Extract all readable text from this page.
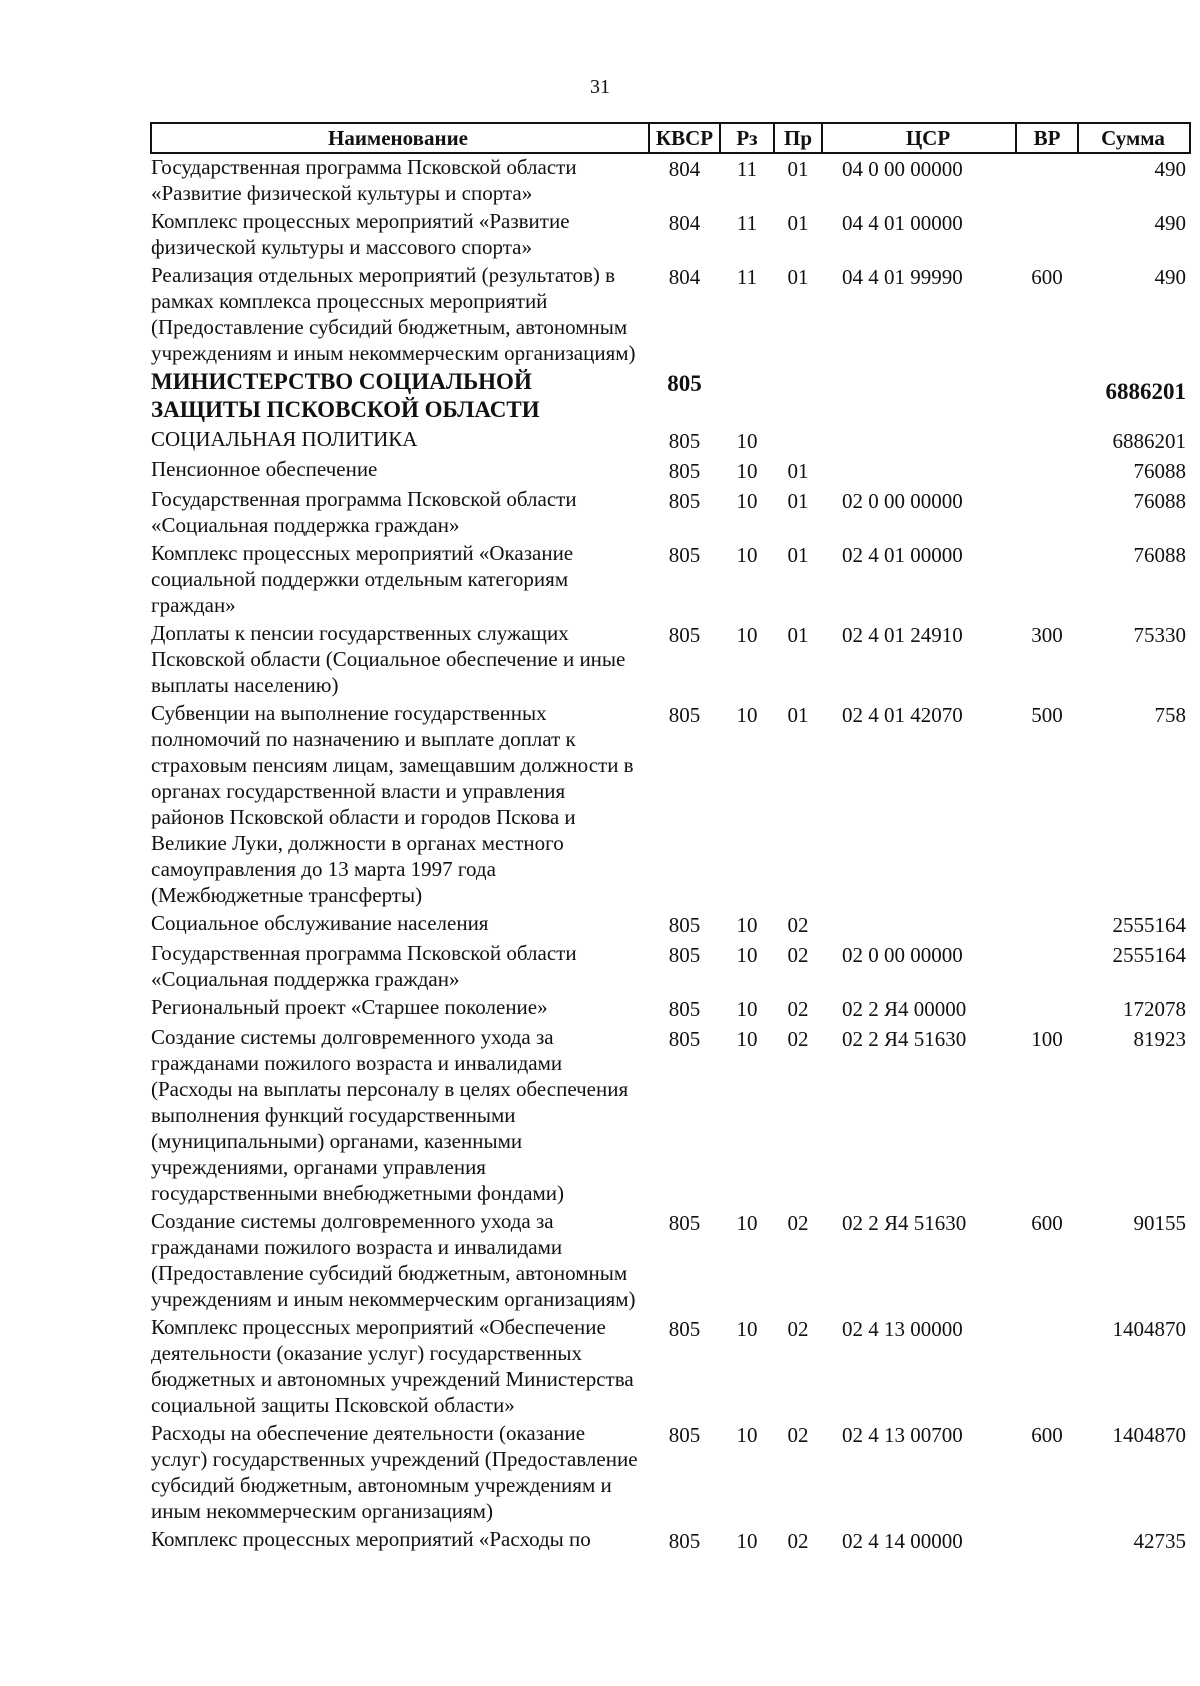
31
Наименование	КВСР	Рз	Пр	ЦСР	ВР	Сумма
Государственная программа Псковской области «Развитие физической культуры и спорта»	804	11	01	04 0 00 00000		490
Комплекс процессных мероприятий «Развитие физической культуры и массового спорта»	804	11	01	04 4 01 00000		490
Реализация отдельных мероприятий (результатов) в рамках комплекса процессных мероприятий (Предоставление субсидий бюджетным, автономным учреждениям и иным некоммерческим организациям)	804	11	01	04 4 01 99990	600	490
МИНИСТЕРСТВО СОЦИАЛЬНОЙ ЗАЩИТЫ ПСКОВСКОЙ ОБЛАСТИ	805					6886201
СОЦИАЛЬНАЯ ПОЛИТИКА	805	10				6886201
Пенсионное обеспечение	805	10	01			76088
Государственная программа Псковской области «Социальная поддержка граждан»	805	10	01	02 0 00 00000		76088
Комплекс процессных мероприятий «Оказание социальной поддержки отдельным категориям граждан»	805	10	01	02 4 01 00000		76088
Доплаты к пенсии государственных служащих Псковской области (Социальное обеспечение и иные выплаты населению)	805	10	01	02 4 01 24910	300	75330
Субвенции на выполнение государственных полномочий по назначению и выплате доплат к страховым пенсиям лицам, замещавшим должности в органах государственной власти и управления районов Псковской области и городов Пскова и Великие Луки, должности в органах местного самоуправления до 13 марта 1997 года (Межбюджетные трансферты)	805	10	01	02 4 01 42070	500	758
Социальное обслуживание населения	805	10	02			2555164
Государственная программа Псковской области «Социальная поддержка граждан»	805	10	02	02 0 00 00000		2555164
Региональный проект «Старшее поколение»	805	10	02	02 2 Я4 00000		172078
Создание системы долговременного ухода за гражданами пожилого возраста и инвалидами (Расходы на выплаты персоналу в целях обеспечения выполнения функций государственными (муниципальными) органами, казенными учреждениями, органами управления государственными внебюджетными фондами)	805	10	02	02 2 Я4 51630	100	81923
Создание системы долговременного ухода за гражданами пожилого возраста и инвалидами (Предоставление субсидий бюджетным, автономным учреждениям и иным некоммерческим организациям)	805	10	02	02 2 Я4 51630	600	90155
Комплекс процессных мероприятий «Обеспечение деятельности (оказание услуг) государственных бюджетных и автономных учреждений Министерства социальной защиты Псковской области»	805	10	02	02 4 13 00000		1404870
Расходы на обеспечение деятельности (оказание услуг) государственных учреждений (Предоставление субсидий бюджетным, автономным учреждениям и иным некоммерческим организациям)	805	10	02	02 4 13 00700	600	1404870
Комплекс процессных мероприятий «Расходы по	805	10	02	02 4 14 00000		42735
